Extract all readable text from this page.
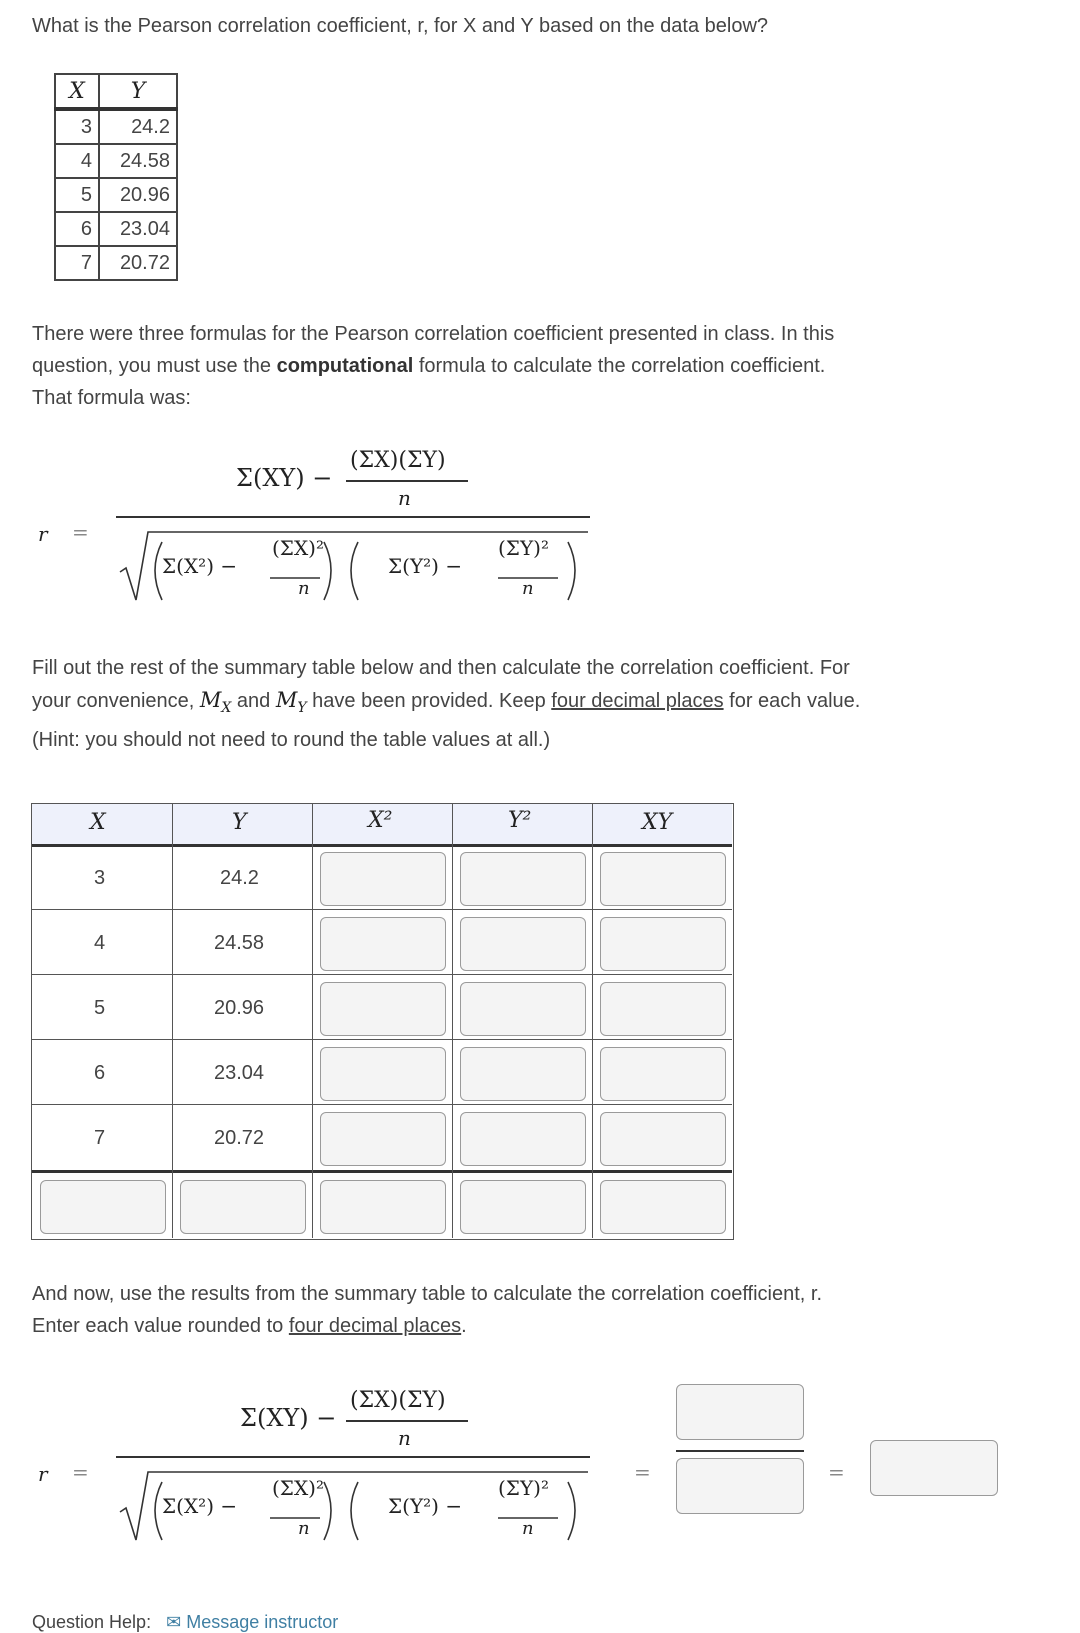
What is the Pearson correlation coefficient, r, for X and Y based on the data below?
X	Y
3	24.2
4	24.58
5	20.96
6	23.04
7	20.72
There were three formulas for the Pearson correlation coefficient presented in class. In this question, you must use the computational formula to calculate the correlation coefficient. That formula was:
r =
Σ(XY) −
(ΣX)(ΣY)
n
Σ(X²) −
(ΣX)²
n
Σ(Y²) −
(ΣY)²
n
Fill out the rest of the summary table below and then calculate the correlation coefficient. For your convenience, $M_X$ and $M_Y$ have been provided. Keep four decimal places for each value. (Hint: you should not need to round the table values at all.)
X	Y	X²	Y²	XY
3	24.2
4	24.58
5	20.96
6	23.04
7	20.72
And now, use the results from the summary table to calculate the correlation coefficient, r. Enter each value rounded to four decimal places.
r =
Σ(XY) −
(ΣX)(ΣY)
n
Σ(X²) −
(ΣX)²
n
Σ(Y²) −
(ΣY)²
n
=	=
Question Help: ✉ Message instructor
